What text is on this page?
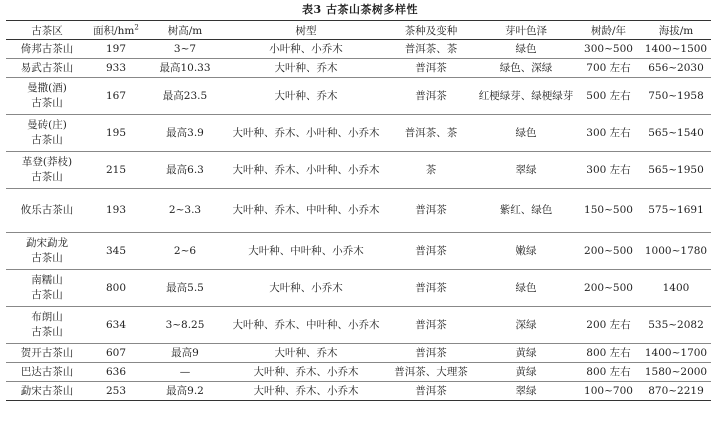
表3 古茶山茶树多样性
古茶区	面积$/hm^2$	树高/m	树型	茶种及变种	芽叶色泽	树龄/年	海拔/m

倚邦古茶山	197	3~7	小叶种、小乔木	普洱茶、茶	绿色	300~500	1400~1500

易武古茶山	933	最高10.33	大叶种、乔木	普洱茶	绿色、深绿	700 左右	656~2030

曼撒(酒)
古茶山	167	最高23.5	大叶种、乔木	普洱茶	红梗绿芽、绿梗绿芽	500 左右	750~1958

曼砖(庄)
古茶山	195	最高3.9	大叶种、乔木、小叶种、小乔木	普洱茶、茶	绿色	300 左右	565~1540

革登(莽枝)
古茶山	215	最高6.3	大叶种、乔木、小叶种、小乔木	茶	翠绿	300 左右	565~1950

攸乐古茶山	193	2~3.3	大叶种、乔木、中叶种、小乔木	普洱茶	紫红、绿色	150~500	575~1691

勐宋勐龙
古茶山	345	2~6	大叶种、中叶种、小乔木	普洱茶	嫩绿	200~500	1000~1780

南糯山
古茶山	800	最高5.5	大叶种、小乔木	普洱茶	绿色	200~500	1400

布朗山
古茶山	634	3~8.25	大叶种、乔木、中叶种、小乔木	普洱茶	深绿	200 左右	535~2082

贺开古茶山	607	最高9	大叶种、乔木	普洱茶	黄绿	800 左右	1400~1700

巴达古茶山	636	—	大叶种、乔木、小乔木	普洱茶、大理茶	黄绿	800 左右	1580~2000

勐宋古茶山	253	最高9.2	大叶种、乔木、小乔木	普洱茶	翠绿	100~700	870~2219
